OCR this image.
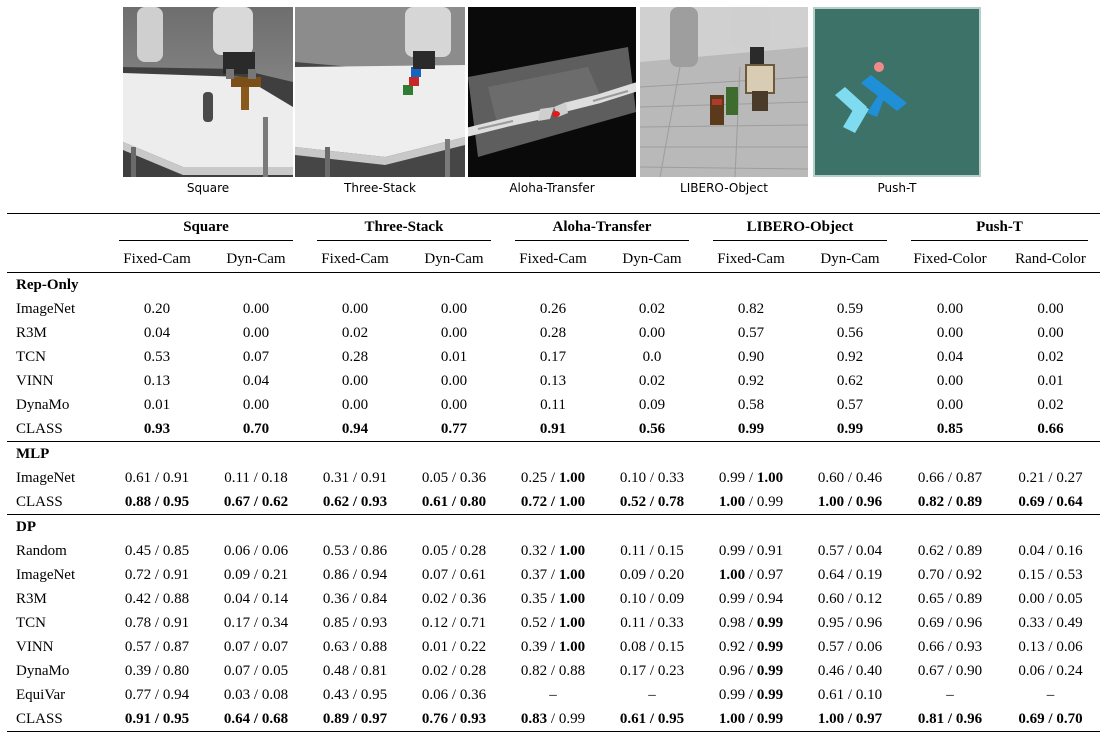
Square	Three-Stack	Aloha-Transfer	LIBERO-Object	Push-T

	Square		Three-Stack		Aloha-Transfer		LIBERO-Object		Push-T	

	Fixed-Cam	Dyn-Cam	Fixed-Cam	Dyn-Cam	Fixed-Cam	Dyn-Cam	Fixed-Cam	Dyn-Cam	Fixed-Color	Rand-Color
Rep-Only										
ImageNet	0.20	0.00	0.00	0.00	0.26	0.02	0.82	0.59	0.00	0.00
R3M	0.04	0.00	0.02	0.00	0.28	0.00	0.57	0.56	0.00	0.00
TCN	0.53	0.07	0.28	0.01	0.17	0.0	0.90	0.92	0.04	0.02
VINN	0.13	0.04	0.00	0.00	0.13	0.02	0.92	0.62	0.00	0.01
DynaMo	0.01	0.00	0.00	0.00	0.11	0.09	0.58	0.57	0.00	0.02
CLASS	0.93	0.70	0.94	0.77	0.91	0.56	0.99	0.99	0.85	0.66
MLP										
ImageNet	0.61 / 0.91	0.11 / 0.18	0.31 / 0.91	0.05 / 0.36	0.25 / 1.00	0.10 / 0.33	0.99 / 1.00	0.60 / 0.46	0.66 / 0.87	0.21 / 0.27
CLASS	0.88 / 0.95	0.67 / 0.62	0.62 / 0.93	0.61 / 0.80	0.72 / 1.00	0.52 / 0.78	1.00 / 0.99	1.00 / 0.96	0.82 / 0.89	0.69 / 0.64
DP										
Random	0.45 / 0.85	0.06 / 0.06	0.53 / 0.86	0.05 / 0.28	0.32 / 1.00	0.11 / 0.15	0.99 / 0.91	0.57 / 0.04	0.62 / 0.89	0.04 / 0.16
ImageNet	0.72 / 0.91	0.09 / 0.21	0.86 / 0.94	0.07 / 0.61	0.37 / 1.00	0.09 / 0.20	1.00 / 0.97	0.64 / 0.19	0.70 / 0.92	0.15 / 0.53
R3M	0.42 / 0.88	0.04 / 0.14	0.36 / 0.84	0.02 / 0.36	0.35 / 1.00	0.10 / 0.09	0.99 / 0.94	0.60 / 0.12	0.65 / 0.89	0.00 / 0.05
TCN	0.78 / 0.91	0.17 / 0.34	0.85 / 0.93	0.12 / 0.71	0.52 / 1.00	0.11 / 0.33	0.98 / 0.99	0.95 / 0.96	0.69 / 0.96	0.33 / 0.49
VINN	0.57 / 0.87	0.07 / 0.07	0.63 / 0.88	0.01 / 0.22	0.39 / 1.00	0.08 / 0.15	0.92 / 0.99	0.57 / 0.06	0.66 / 0.93	0.13 / 0.06
DynaMo	0.39 / 0.80	0.07 / 0.05	0.48 / 0.81	0.02 / 0.28	0.82 / 0.88	0.17 / 0.23	0.96 / 0.99	0.46 / 0.40	0.67 / 0.90	0.06 / 0.24
EquiVar	0.77 / 0.94	0.03 / 0.08	0.43 / 0.95	0.06 / 0.36	–	–	0.99 / 0.99	0.61 / 0.10	–	–
CLASS	0.91 / 0.95	0.64 / 0.68	0.89 / 0.97	0.76 / 0.93	0.83 / 0.99	0.61 / 0.95	1.00 / 0.99	1.00 / 0.97	0.81 / 0.96	0.69 / 0.70
